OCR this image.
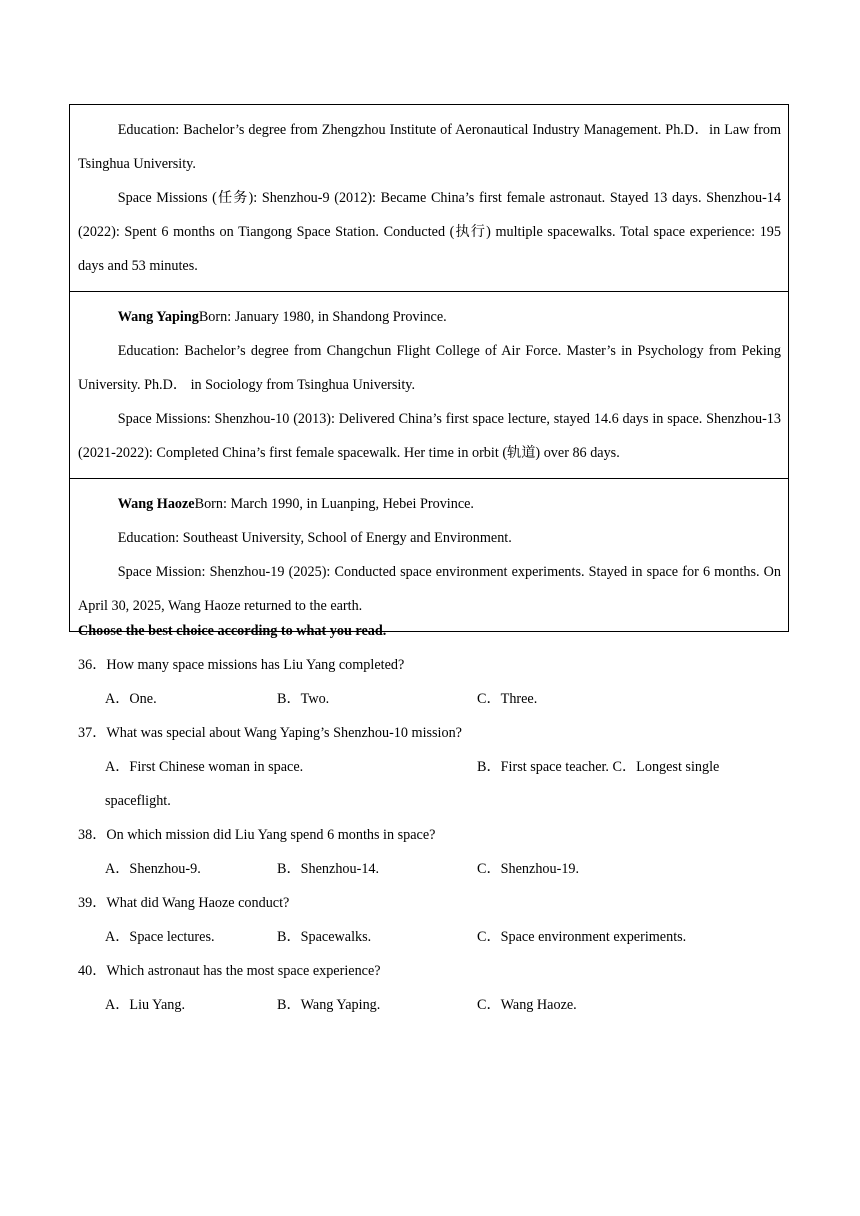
Education: Bachelor’s degree from Zhengzhou Institute of Aeronautical Industry Management. Ph.D．in Law from Tsinghua University.

Space Missions (任务): Shenzhou-9 (2012): Became China’s first female astronaut. Stayed 13 days. Shenzhou-14 (2022): Spent 6 months on Tiangong Space Station. Conducted (执行) multiple spacewalks. Total space experience: 195 days and 53 minutes.

Wang YapingBorn: January 1980, in Shandong Province.

Education: Bachelor’s degree from Changchun Flight College of Air Force. Master’s in Psychology from Peking University. Ph.D． in Sociology from Tsinghua University.

Space Missions: Shenzhou-10 (2013): Delivered China’s first space lecture, stayed 14.6 days in space. Shenzhou-13 (2021-2022): Completed China’s first female spacewalk. Her time in orbit (轨道) over 86 days.

Wang HaozeBorn: March 1990, in Luanping, Hebei Province.

Education: Southeast University, School of Energy and Environment.

Space Mission: Shenzhou-19 (2025): Conducted space environment experiments. Stayed in space for 6 months. On April 30, 2025, Wang Haoze returned to the earth.

Choose the best choice according to what you read.

36．How many space missions has Liu Yang completed?

A．One.	B．Two.	C．Three.

37．What was special about Wang Yaping’s Shenzhou-10 mission?

A．First Chinese woman in space.	B．First space teacher. C．Longest single
spaceflight.

38．On which mission did Liu Yang spend 6 months in space?

A．Shenzhou-9.	B．Shenzhou-14.	C．Shenzhou-19.

39．What did Wang Haoze conduct?

A．Space lectures.	B．Spacewalks.	C．Space environment experiments.

40．Which astronaut has the most space experience?

A．Liu Yang.	B．Wang Yaping.	C．Wang Haoze.
